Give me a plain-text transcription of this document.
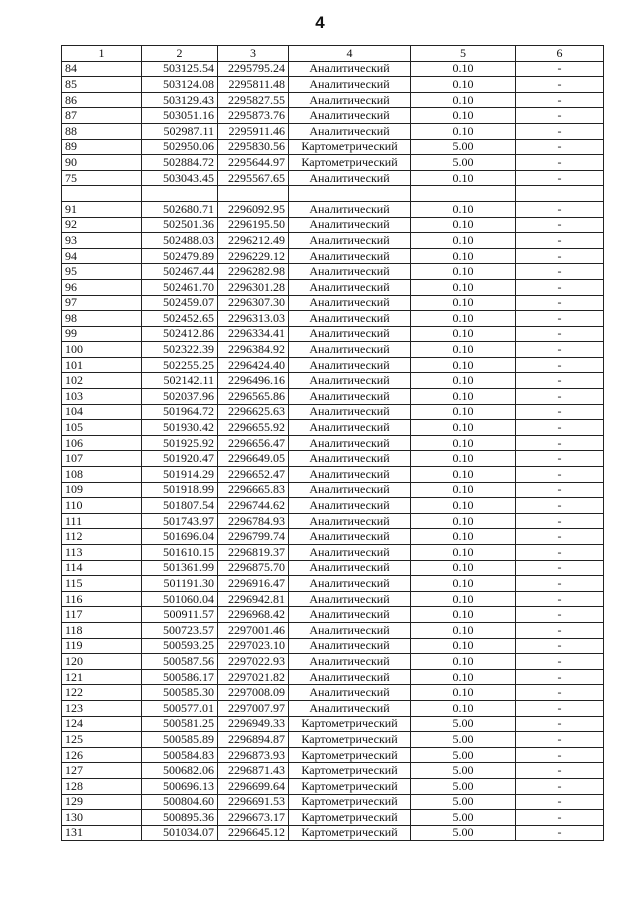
4
1	2	3	4	5	6
84	503125.54	2295795.24	Аналитический	0.10	-
85	503124.08	2295811.48	Аналитический	0.10	-
86	503129.43	2295827.55	Аналитический	0.10	-
87	503051.16	2295873.76	Аналитический	0.10	-
88	502987.11	2295911.46	Аналитический	0.10	-
89	502950.06	2295830.56	Картометрический	5.00	-
90	502884.72	2295644.97	Картометрический	5.00	-
75	503043.45	2295567.65	Аналитический	0.10	-

91	502680.71	2296092.95	Аналитический	0.10	-
92	502501.36	2296195.50	Аналитический	0.10	-
93	502488.03	2296212.49	Аналитический	0.10	-
94	502479.89	2296229.12	Аналитический	0.10	-
95	502467.44	2296282.98	Аналитический	0.10	-
96	502461.70	2296301.28	Аналитический	0.10	-
97	502459.07	2296307.30	Аналитический	0.10	-
98	502452.65	2296313.03	Аналитический	0.10	-
99	502412.86	2296334.41	Аналитический	0.10	-
100	502322.39	2296384.92	Аналитический	0.10	-
101	502255.25	2296424.40	Аналитический	0.10	-
102	502142.11	2296496.16	Аналитический	0.10	-
103	502037.96	2296565.86	Аналитический	0.10	-
104	501964.72	2296625.63	Аналитический	0.10	-
105	501930.42	2296655.92	Аналитический	0.10	-
106	501925.92	2296656.47	Аналитический	0.10	-
107	501920.47	2296649.05	Аналитический	0.10	-
108	501914.29	2296652.47	Аналитический	0.10	-
109	501918.99	2296665.83	Аналитический	0.10	-
110	501807.54	2296744.62	Аналитический	0.10	-
111	501743.97	2296784.93	Аналитический	0.10	-
112	501696.04	2296799.74	Аналитический	0.10	-
113	501610.15	2296819.37	Аналитический	0.10	-
114	501361.99	2296875.70	Аналитический	0.10	-
115	501191.30	2296916.47	Аналитический	0.10	-
116	501060.04	2296942.81	Аналитический	0.10	-
117	500911.57	2296968.42	Аналитический	0.10	-
118	500723.57	2297001.46	Аналитический	0.10	-
119	500593.25	2297023.10	Аналитический	0.10	-
120	500587.56	2297022.93	Аналитический	0.10	-
121	500586.17	2297021.82	Аналитический	0.10	-
122	500585.30	2297008.09	Аналитический	0.10	-
123	500577.01	2297007.97	Аналитический	0.10	-
124	500581.25	2296949.33	Картометрический	5.00	-
125	500585.89	2296894.87	Картометрический	5.00	-
126	500584.83	2296873.93	Картометрический	5.00	-
127	500682.06	2296871.43	Картометрический	5.00	-
128	500696.13	2296699.64	Картометрический	5.00	-
129	500804.60	2296691.53	Картометрический	5.00	-
130	500895.36	2296673.17	Картометрический	5.00	-
131	501034.07	2296645.12	Картометрический	5.00	-
